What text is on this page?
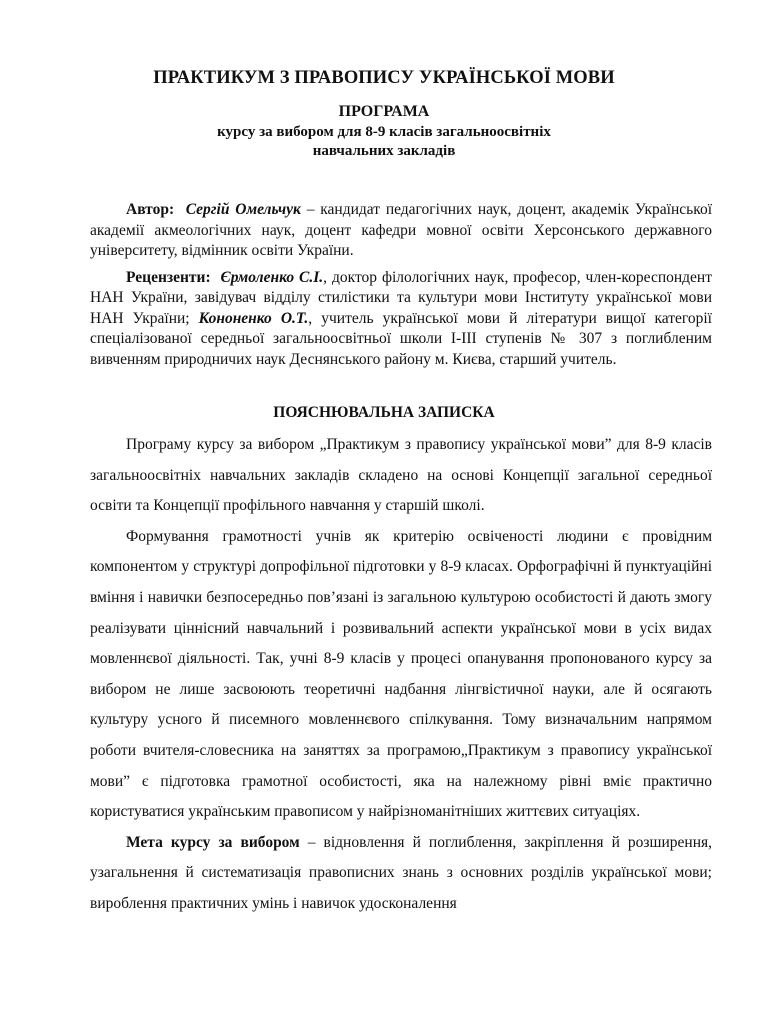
ПРАКТИКУМ З ПРАВОПИСУ УКРАЇНСЬКОЇ МОВИ
ПРОГРАМА
курсу за вибором для 8-9 класів загальноосвітніх
навчальних закладів

Автор: Сергій Омельчук – кандидат педагогічних наук, доцент, академік Української академії акмеологічних наук, доцент кафедри мовної освіти Херсонського державного університету, відмінник освіти України.

Рецензенти: Єрмоленко С.І., доктор філологічних наук, професор, член-кореспондент НАН України, завідувач відділу стилістики та культури мови Інституту української мови НАН України; Кононенко О.Т., учитель української мови й літератури вищої категорії спеціалізованої середньої загальноосвітньої школи I-III ступенів № 307 з поглибленим вивченням природничих наук Деснянського району м. Києва, старший учитель.

ПОЯСНЮВАЛЬНА ЗАПИСКА

Програму курсу за вибором „Практикум з правопису української мови” для 8-9 класів загальноосвітніх навчальних закладів складено на основі Концепції загальної середньої освіти та Концепції профільного навчання у старшій школі.

Формування грамотності учнів як критерію освіченості людини є провідним компонентом у структурі допрофільної підготовки у 8-9 класах. Орфографічні й пунктуаційні вміння і навички безпосередньо пов’язані із загальною культурою особистості й дають змогу реалізувати ціннісний навчальний і розвивальний аспекти української мови в усіх видах мовленнєвої діяльності. Так, учні 8-9 класів у процесі опанування пропонованого курсу за вибором не лише засвоюють теоретичні надбання лінгвістичної науки, але й осягають культуру усного й писемного мовленнєвого спілкування. Тому визначальним напрямом роботи вчителя-словесника на заняттях за програмою„Практикум з правопису української мови” є підготовка грамотної особистості, яка на належному рівні вміє практично користуватися українським правописом у найрізноманітніших життєвих ситуаціях.

Мета курсу за вибором – відновлення й поглиблення, закріплення й розширення, узагальнення й систематизація правописних знань з основних розділів української мови; вироблення практичних умінь і навичок удосконалення
